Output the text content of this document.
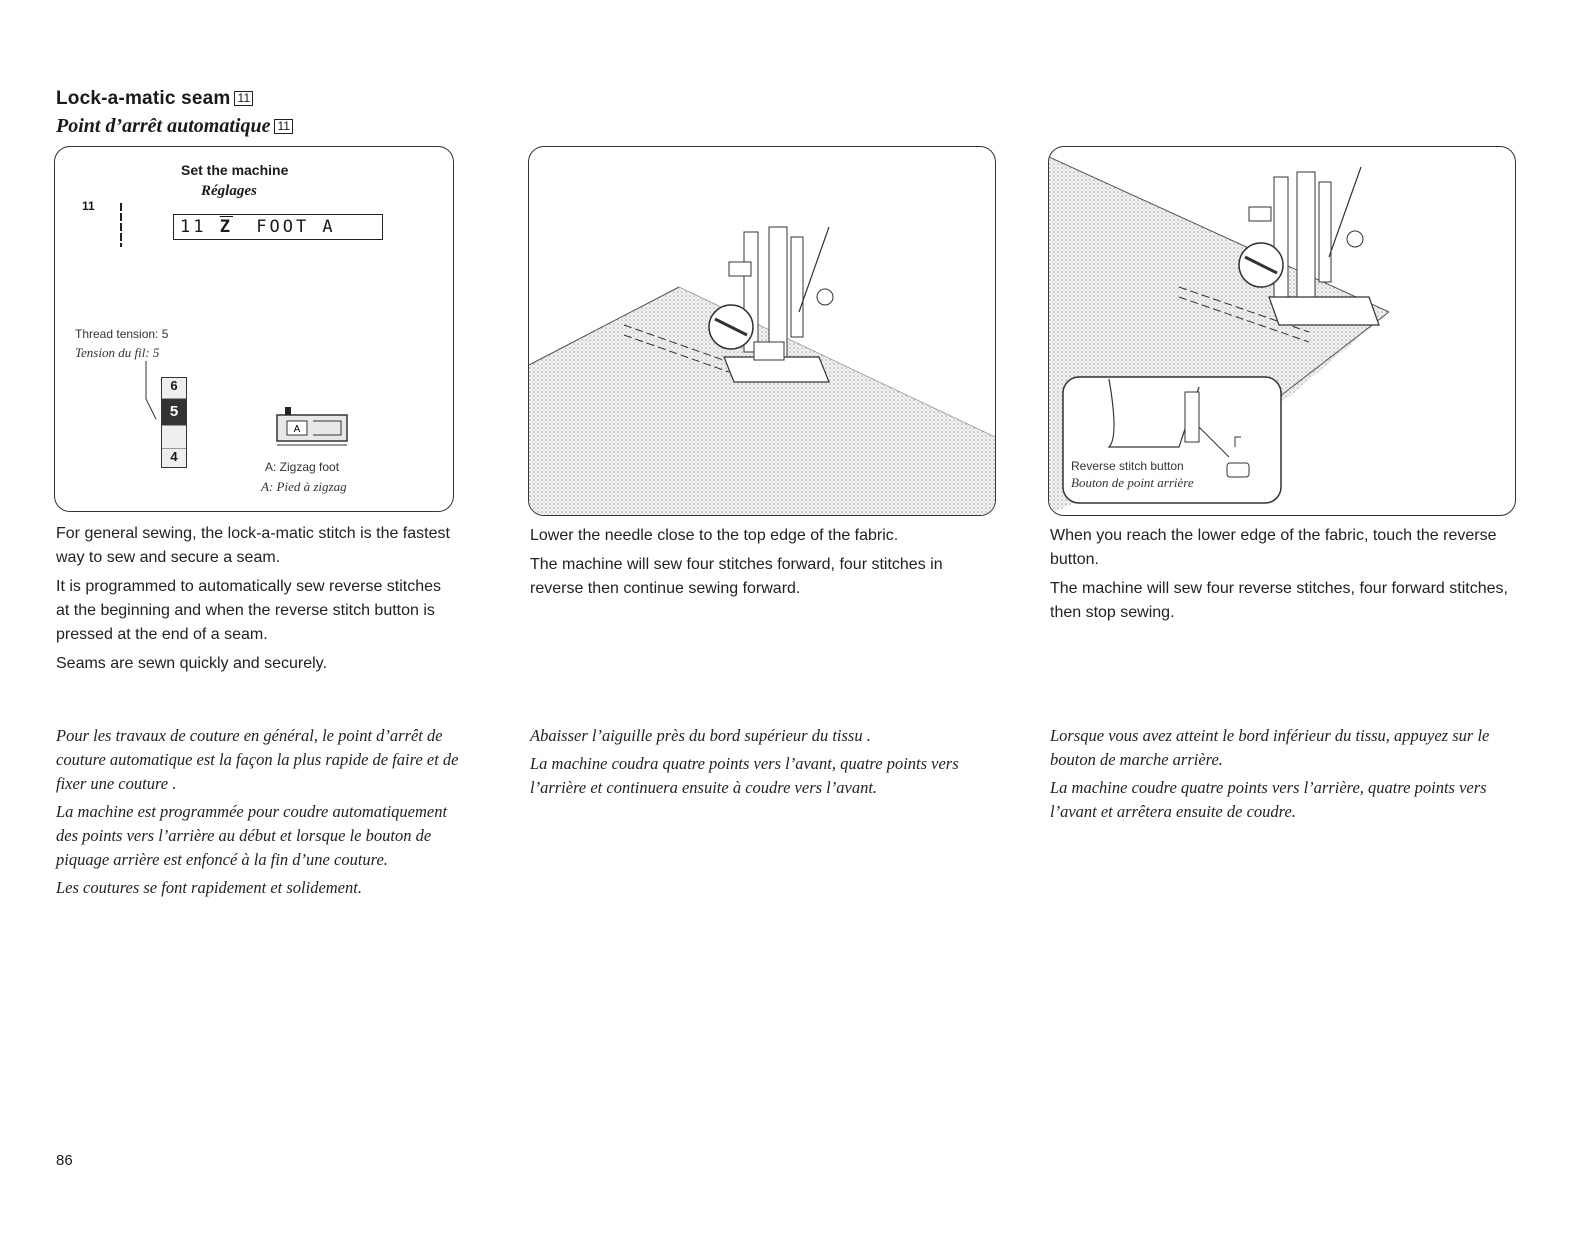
Lock-a-matic seam 11
Point d’arrêt automatique 11
Set the machine
Réglages
11
11 $\overline{Z}$ FOOT A
Thread tension: 5
Tension du fil: 5
6
5
4
A
A: Zigzag foot
A: Pied à zigzag
Reverse stitch button
Bouton de point arrière

For general sewing, the lock-a-matic stitch is the fastest way to sew and secure a seam.

It is programmed to automatically sew reverse stitches at the beginning and when the reverse stitch button is pressed at the end of a seam.

Seams are sewn quickly and securely.

Pour les travaux de couture en général, le point d’arrêt de couture automatique est la façon la plus rapide de faire et de fixer une couture .

La machine est programmée pour coudre automatiquement des points vers l’arrière au début et lorsque le bouton de piquage arrière est enfoncé à la fin d’une couture.

Les coutures se font rapidement et solidement.

Lower the needle close to the top edge of the fabric.

The machine will sew four stitches forward, four stitches in reverse then continue sewing forward.

Abaisser l’aiguille près du bord supérieur du tissu .

La machine coudra quatre points vers l’avant, quatre points vers l’arrière et continuera ensuite à coudre vers l’avant.

When you reach the lower edge of the fabric, touch the reverse button.

The machine will sew four reverse stitches, four forward stitches, then stop sewing.

Lorsque vous avez atteint le bord inférieur du tissu, appuyez sur le bouton de marche arrière.

La machine coudre quatre points vers l’arrière, quatre points vers l’avant et arrêtera ensuite de coudre.

86
